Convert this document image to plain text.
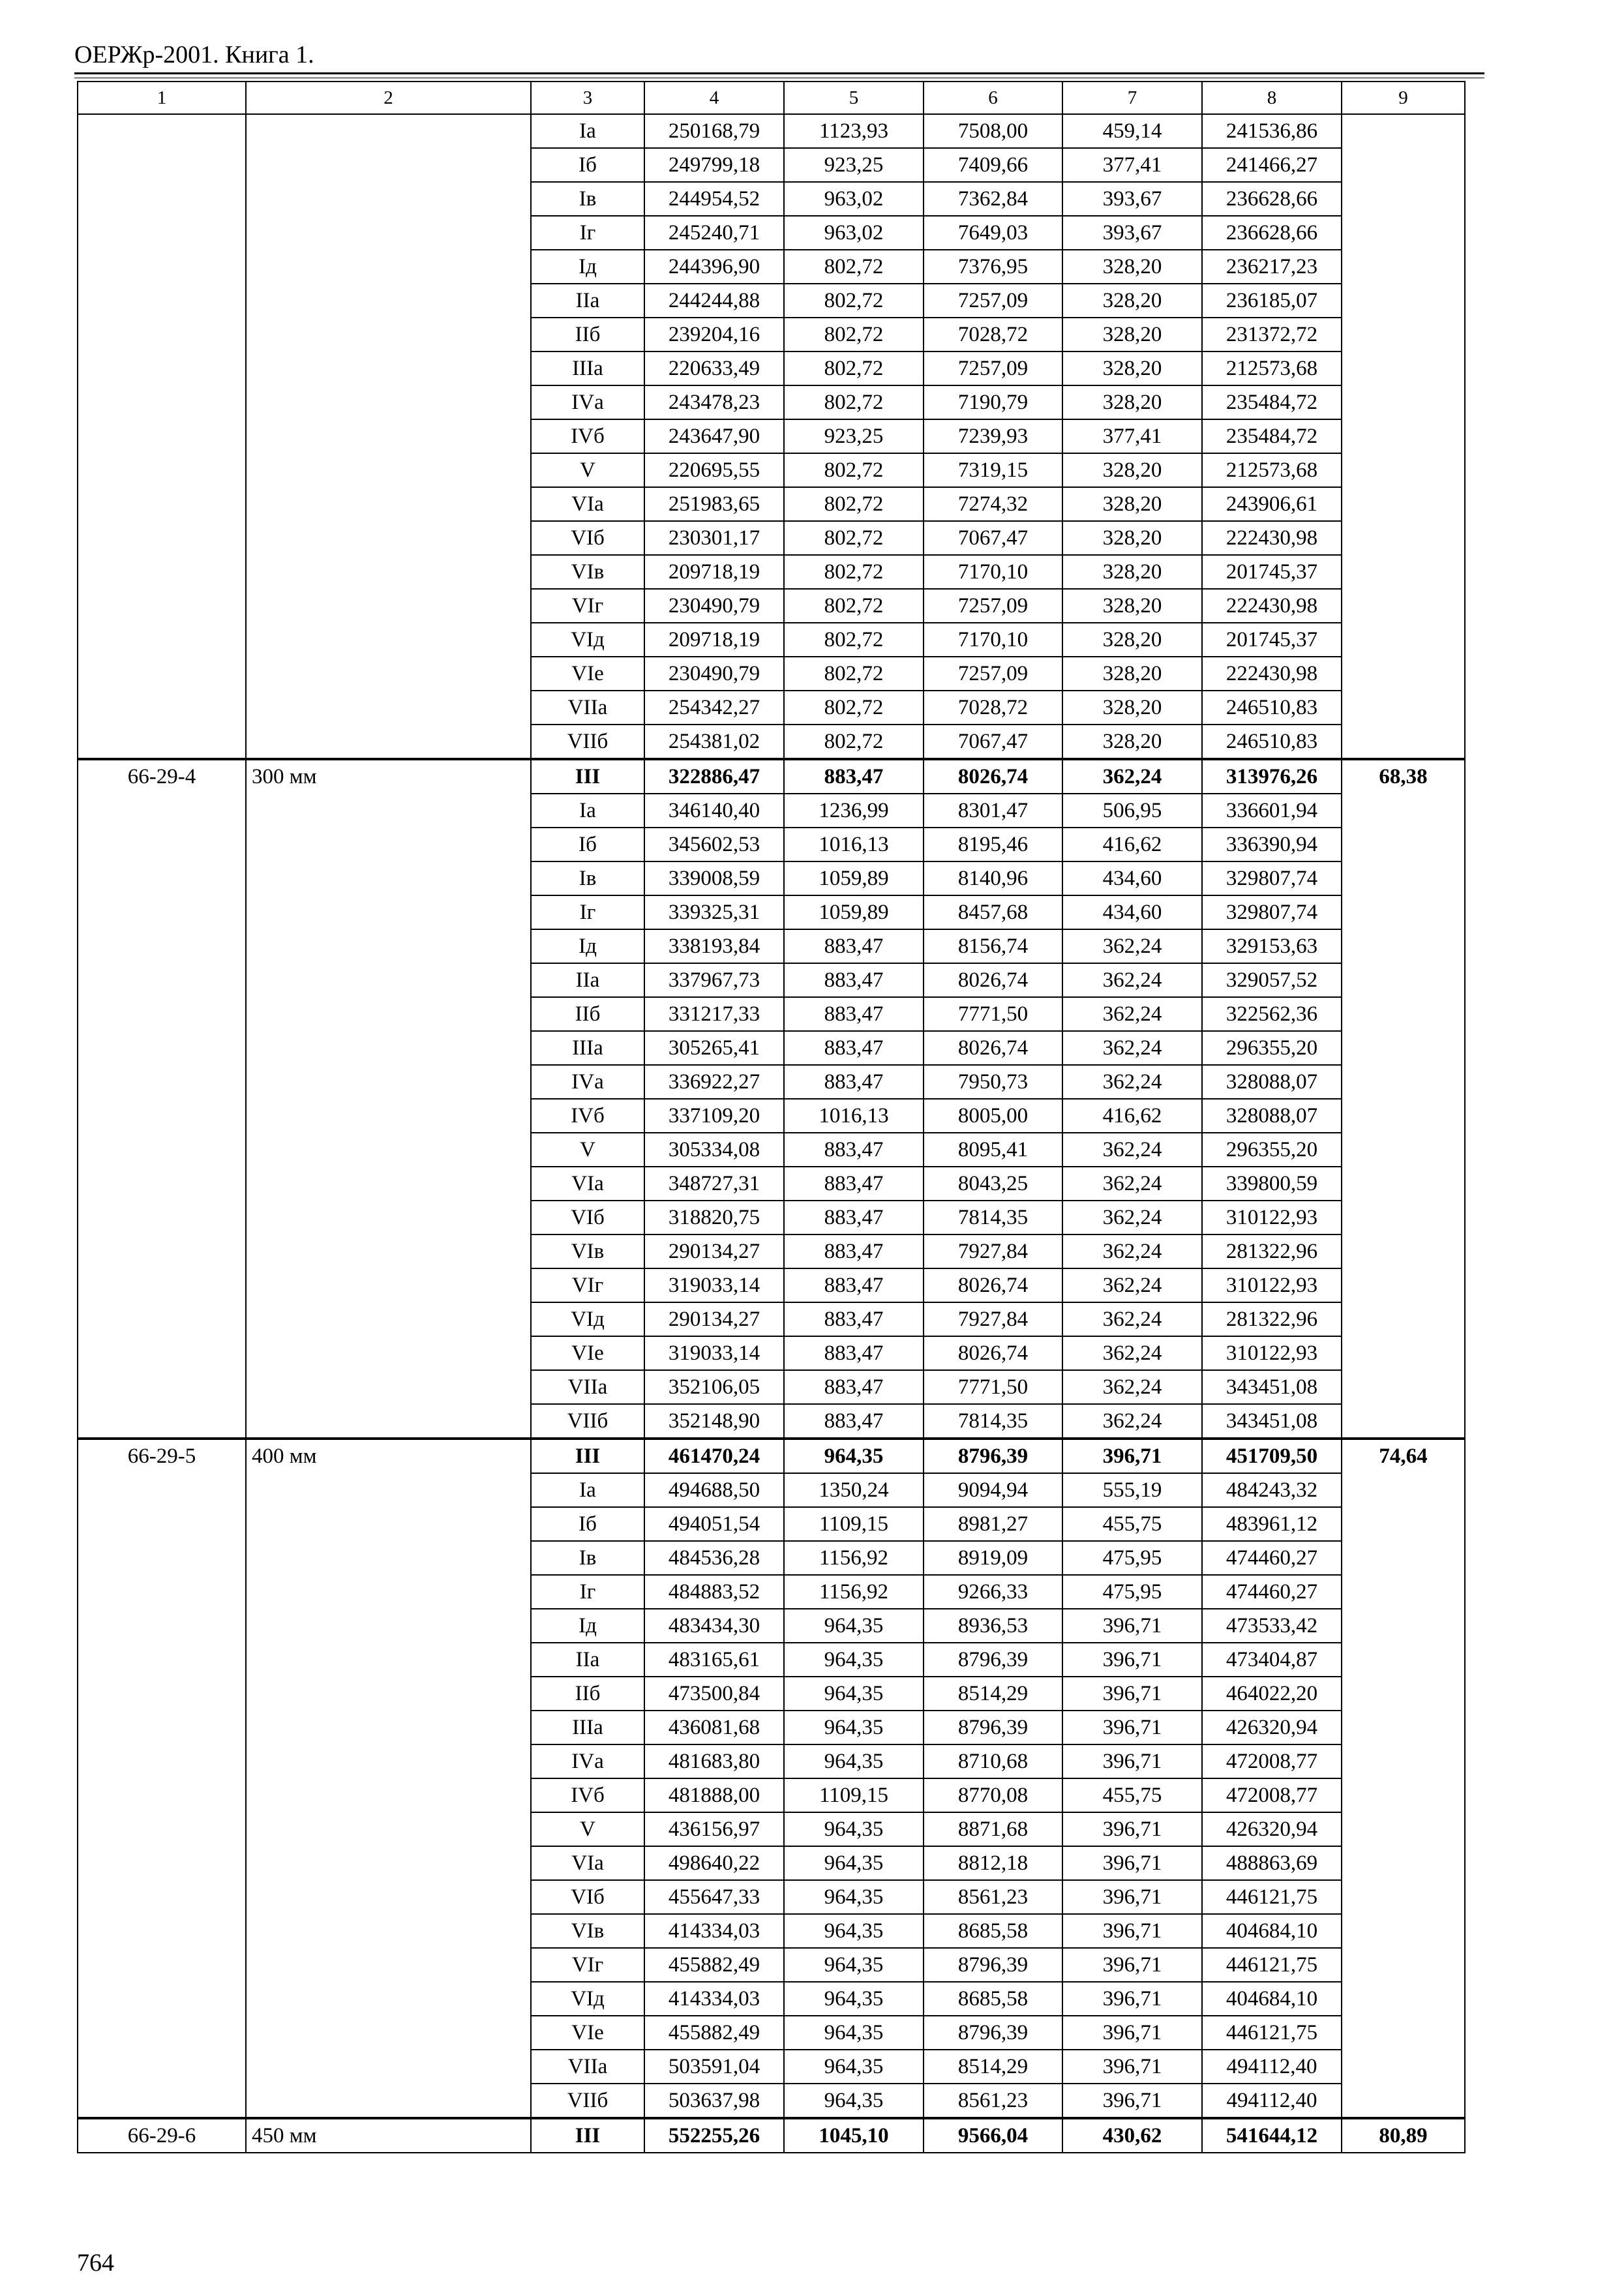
ОЕРЖр-2001. Книга 1.
1	2	3	4	5	6	7	8	9
		Iа	250168,79	1123,93	7508,00	459,14	241536,86	
		Iб	249799,18	923,25	7409,66	377,41	241466,27	
		Iв	244954,52	963,02	7362,84	393,67	236628,66	
		Iг	245240,71	963,02	7649,03	393,67	236628,66	
		Iд	244396,90	802,72	7376,95	328,20	236217,23	
		IIа	244244,88	802,72	7257,09	328,20	236185,07	
		IIб	239204,16	802,72	7028,72	328,20	231372,72	
		IIIа	220633,49	802,72	7257,09	328,20	212573,68	
		IVа	243478,23	802,72	7190,79	328,20	235484,72	
		IVб	243647,90	923,25	7239,93	377,41	235484,72	
		V	220695,55	802,72	7319,15	328,20	212573,68	
		VIа	251983,65	802,72	7274,32	328,20	243906,61	
		VIб	230301,17	802,72	7067,47	328,20	222430,98	
		VIв	209718,19	802,72	7170,10	328,20	201745,37	
		VIг	230490,79	802,72	7257,09	328,20	222430,98	
		VIд	209718,19	802,72	7170,10	328,20	201745,37	
		VIе	230490,79	802,72	7257,09	328,20	222430,98	
		VIIа	254342,27	802,72	7028,72	328,20	246510,83	
		VIIб	254381,02	802,72	7067,47	328,20	246510,83	
66-29-4	300 мм	III	322886,47	883,47	8026,74	362,24	313976,26	68,38
		Iа	346140,40	1236,99	8301,47	506,95	336601,94	
		Iб	345602,53	1016,13	8195,46	416,62	336390,94	
		Iв	339008,59	1059,89	8140,96	434,60	329807,74	
		Iг	339325,31	1059,89	8457,68	434,60	329807,74	
		Iд	338193,84	883,47	8156,74	362,24	329153,63	
		IIа	337967,73	883,47	8026,74	362,24	329057,52	
		IIб	331217,33	883,47	7771,50	362,24	322562,36	
		IIIа	305265,41	883,47	8026,74	362,24	296355,20	
		IVа	336922,27	883,47	7950,73	362,24	328088,07	
		IVб	337109,20	1016,13	8005,00	416,62	328088,07	
		V	305334,08	883,47	8095,41	362,24	296355,20	
		VIа	348727,31	883,47	8043,25	362,24	339800,59	
		VIб	318820,75	883,47	7814,35	362,24	310122,93	
		VIв	290134,27	883,47	7927,84	362,24	281322,96	
		VIг	319033,14	883,47	8026,74	362,24	310122,93	
		VIд	290134,27	883,47	7927,84	362,24	281322,96	
		VIе	319033,14	883,47	8026,74	362,24	310122,93	
		VIIа	352106,05	883,47	7771,50	362,24	343451,08	
		VIIб	352148,90	883,47	7814,35	362,24	343451,08	
66-29-5	400 мм	III	461470,24	964,35	8796,39	396,71	451709,50	74,64
		Iа	494688,50	1350,24	9094,94	555,19	484243,32	
		Iб	494051,54	1109,15	8981,27	455,75	483961,12	
		Iв	484536,28	1156,92	8919,09	475,95	474460,27	
		Iг	484883,52	1156,92	9266,33	475,95	474460,27	
		Iд	483434,30	964,35	8936,53	396,71	473533,42	
		IIа	483165,61	964,35	8796,39	396,71	473404,87	
		IIб	473500,84	964,35	8514,29	396,71	464022,20	
		IIIа	436081,68	964,35	8796,39	396,71	426320,94	
		IVа	481683,80	964,35	8710,68	396,71	472008,77	
		IVб	481888,00	1109,15	8770,08	455,75	472008,77	
		V	436156,97	964,35	8871,68	396,71	426320,94	
		VIа	498640,22	964,35	8812,18	396,71	488863,69	
		VIб	455647,33	964,35	8561,23	396,71	446121,75	
		VIв	414334,03	964,35	8685,58	396,71	404684,10	
		VIг	455882,49	964,35	8796,39	396,71	446121,75	
		VIд	414334,03	964,35	8685,58	396,71	404684,10	
		VIе	455882,49	964,35	8796,39	396,71	446121,75	
		VIIа	503591,04	964,35	8514,29	396,71	494112,40	
		VIIб	503637,98	964,35	8561,23	396,71	494112,40	
66-29-6	450 мм	III	552255,26	1045,10	9566,04	430,62	541644,12	80,89
764
